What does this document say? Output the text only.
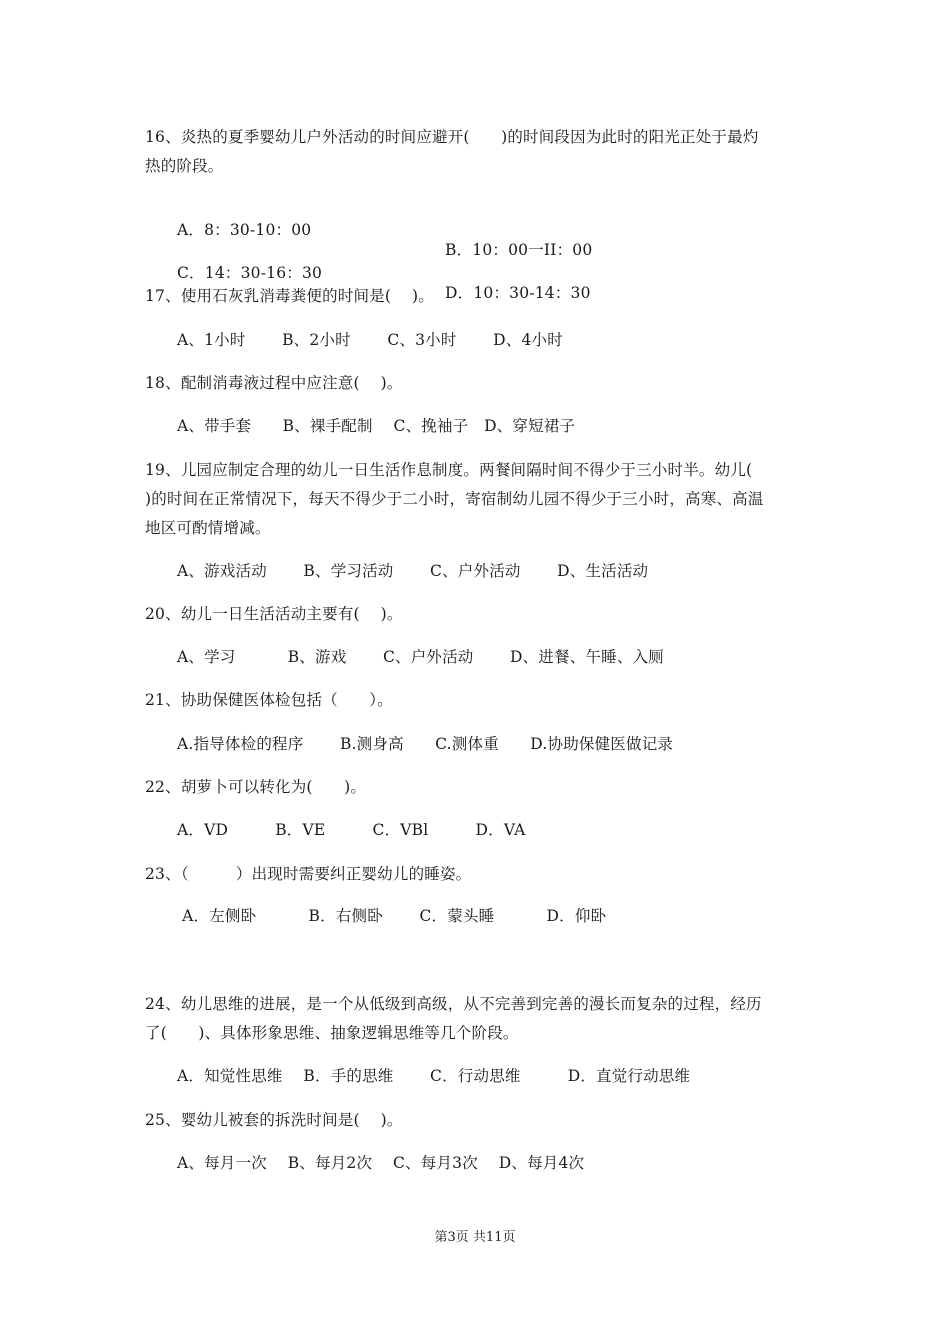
16、炎热的夏季婴幼儿户外活动的时间应避开(　　)的时间段因为此时的阳光正处于最灼
热的阶段。

A．8：30-10：00

B．10：00一II：00

C．14：30-16：30

D．10：30-14：30

17、使用石灰乳消毒粪便的时间是(　 )。
A、1小时　　 B、2小时　　 C、3小时　　 D、4小时
18、配制消毒液过程中应注意(　 )。
A、带手套　　B、裸手配制　 C、挽袖子　D、穿短裙子
19、儿园应制定合理的幼儿一日生活作息制度。两餐间隔时间不得少于三小时半。幼儿(
)的时间在正常情况下，每天不得少于二小时，寄宿制幼儿园不得少于三小时，高寒、高温
地区可酌情增减。
A、游戏活动　　 B、学习活动　　 C、户外活动　　 D、生活活动
20、幼儿一日生活活动主要有(　 )。
A、学习　　　 B、游戏　　 C、户外活动　　 D、进餐、午睡、入厕
21、协助保健医体检包括（　　）。
A.指导体检的程序　　 B.测身高　　C.测体重　　D.协助保健医做记录
22、胡萝卜可以转化为(　　)。
A．VD　　　B．VE　　　C．VBl　　　D．VA
23、（　　　）出现时需要纠正婴幼儿的睡姿。
A．左侧卧　　　 B．右侧卧　　 C．蒙头睡　　　 D．仰卧
24、幼儿思维的进展，是一个从低级到高级，从不完善到完善的漫长而复杂的过程，经历
了(　　)、具体形象思维、抽象逻辑思维等几个阶段。
A．知觉性思维　 B．手的思维　　 C．行动思维　　　D．直觉行动思维
25、婴幼儿被套的拆洗时间是(　 )。
A、每月一次　 B、每月2次　 C、每月3次　 D、每月4次
第3页 共11页
